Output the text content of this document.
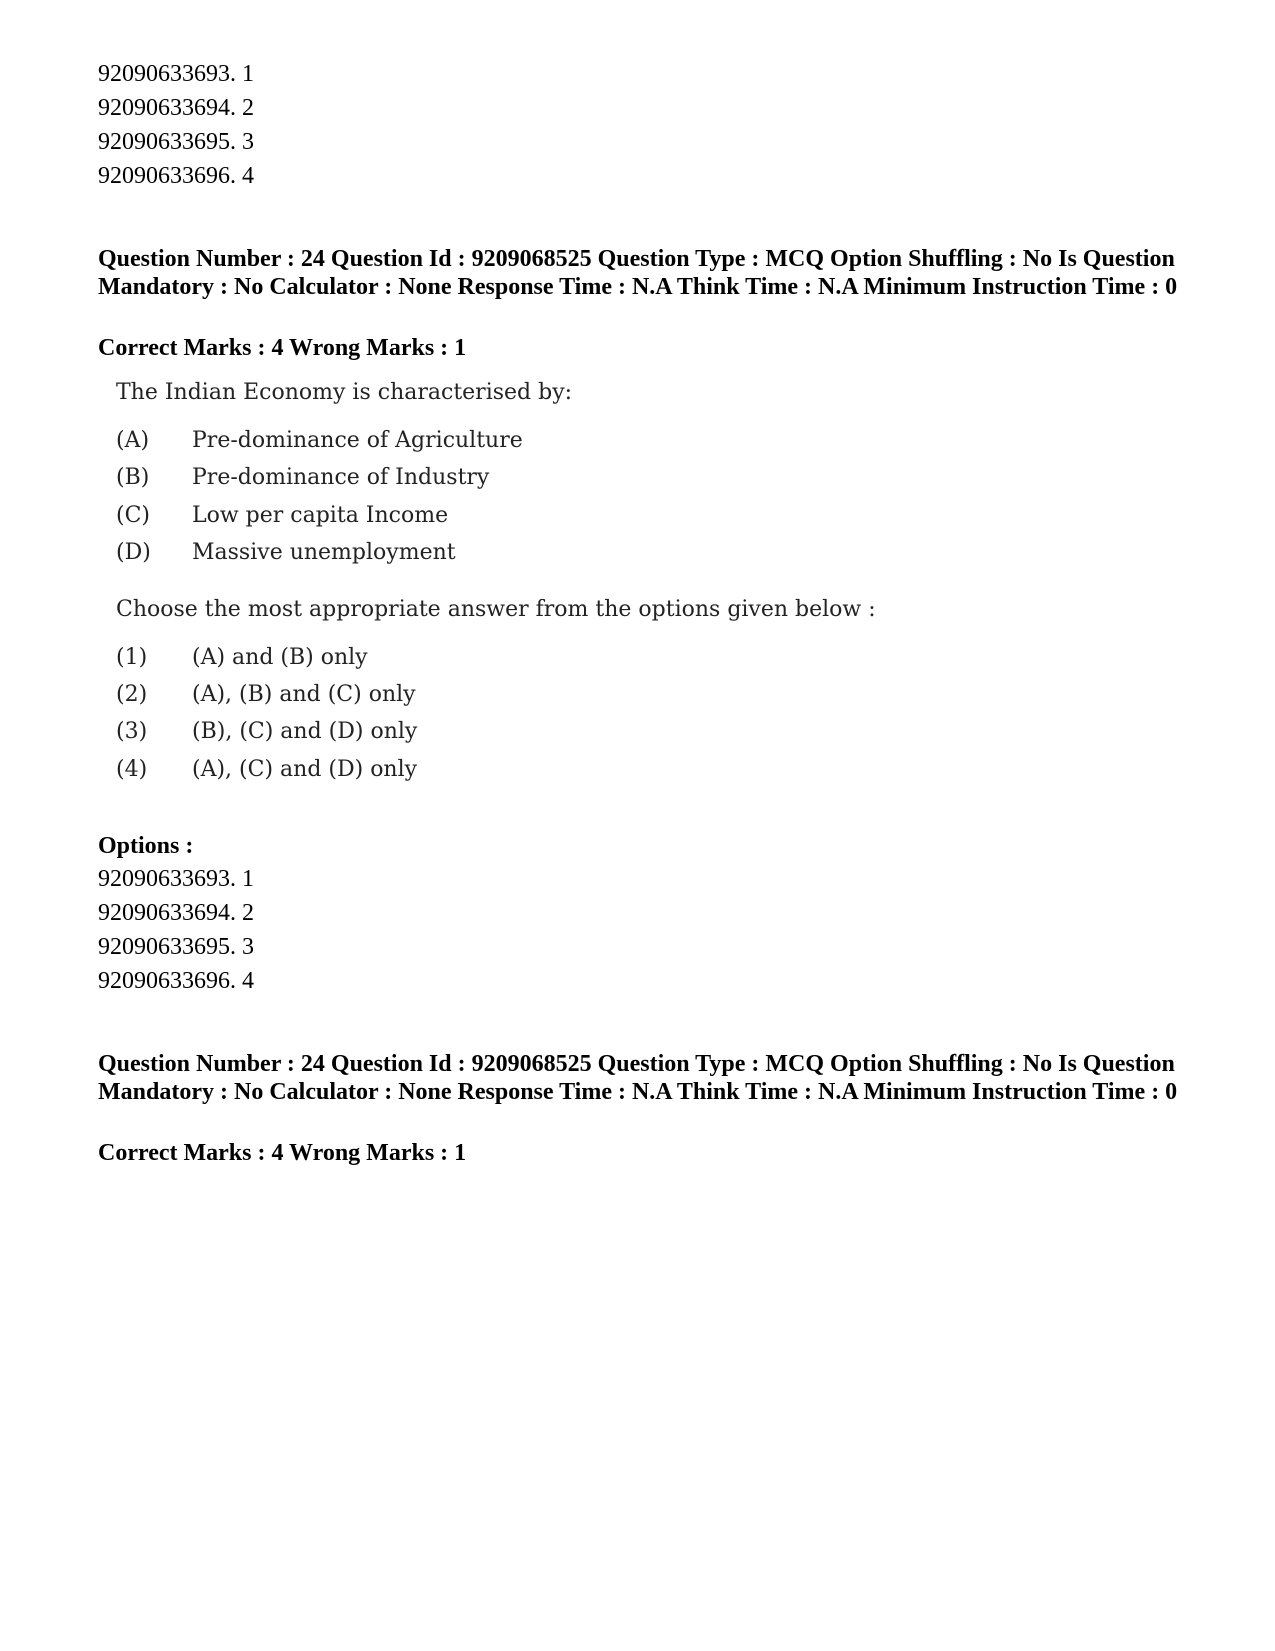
92090633693. 1
92090633694. 2
92090633695. 3
92090633696. 4
Question Number : 24 Question Id : 9209068525 Question Type : MCQ Option Shuffling : No Is Question Mandatory : No Calculator : None Response Time : N.A Think Time : N.A Minimum Instruction Time : 0
Correct Marks : 4 Wrong Marks : 1
The Indian Economy is characterised by:
(A) Pre-dominance of Agriculture
(B) Pre-dominance of Industry
(C) Low per capita Income
(D) Massive unemployment
Choose the most appropriate answer from the options given below :
(1) (A) and (B) only
(2) (A), (B) and (C) only
(3) (B), (C) and (D) only
(4) (A), (C) and (D) only
Options :
92090633693. 1
92090633694. 2
92090633695. 3
92090633696. 4
Question Number : 24 Question Id : 9209068525 Question Type : MCQ Option Shuffling : No Is Question Mandatory : No Calculator : None Response Time : N.A Think Time : N.A Minimum Instruction Time : 0
Correct Marks : 4 Wrong Marks : 1
